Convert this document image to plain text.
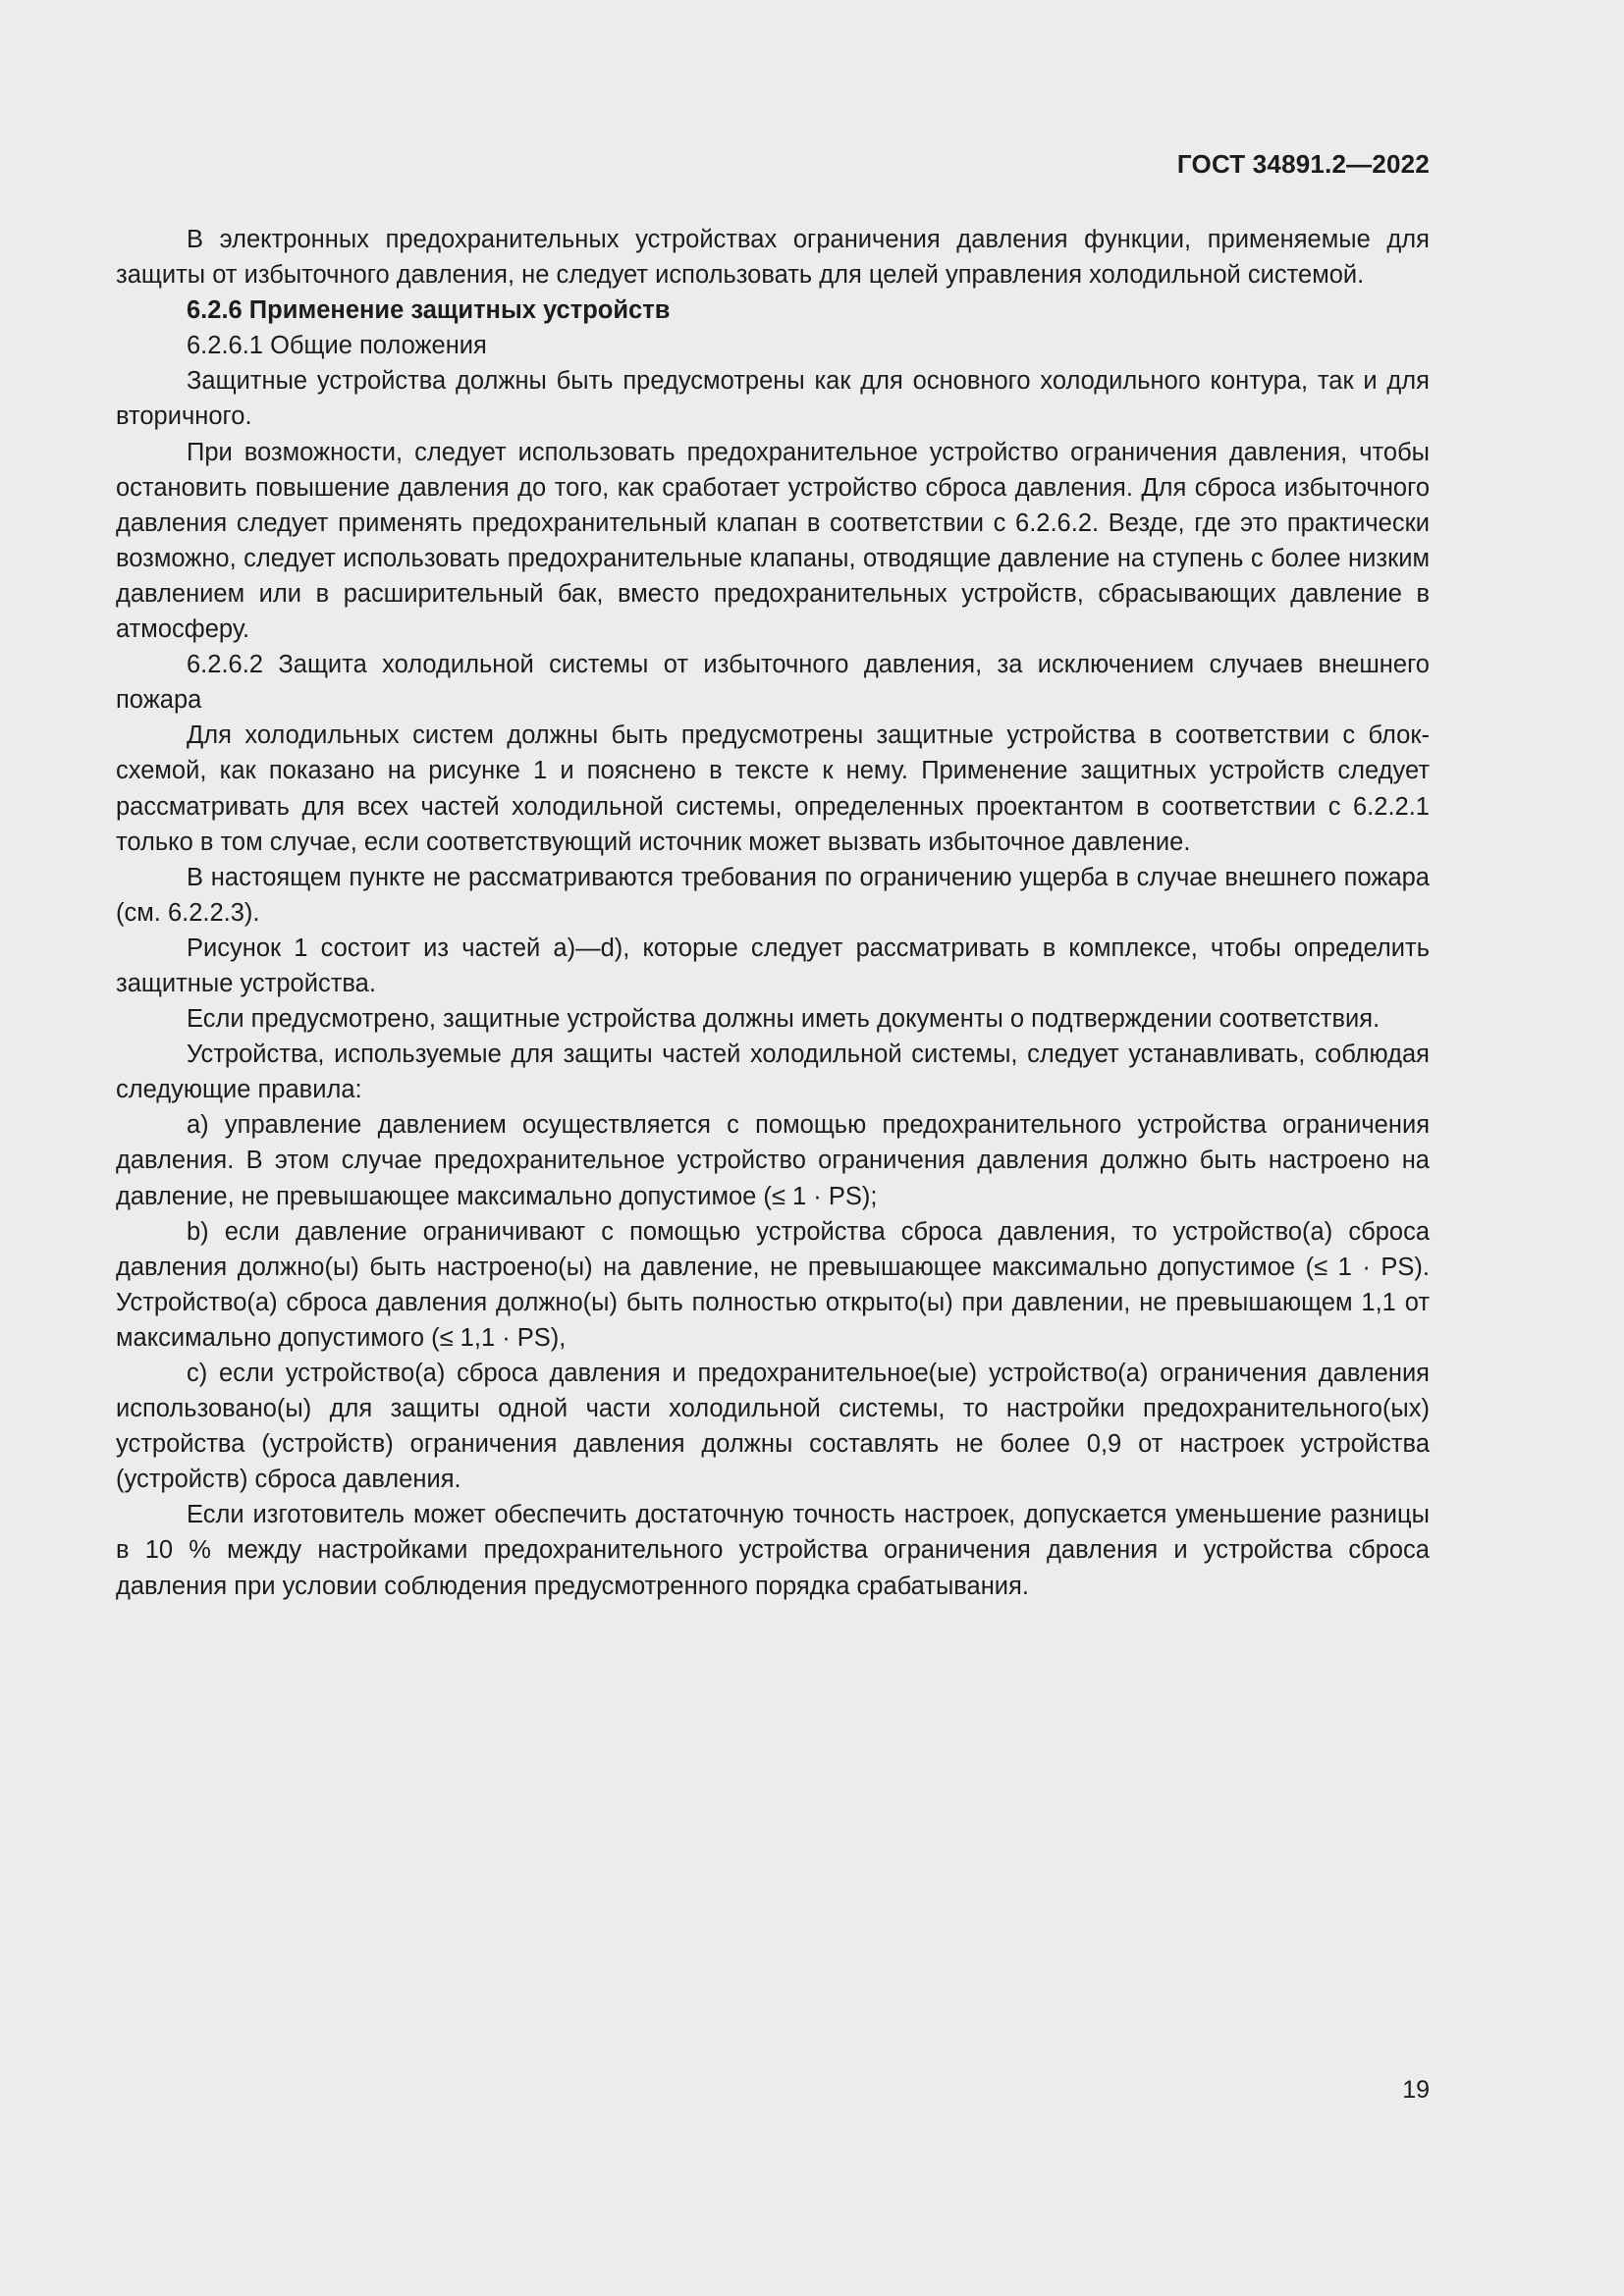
ГОСТ 34891.2—2022

В электронных предохранительных устройствах ограничения давления функции, применяемые для защиты от избыточного давления, не следует использовать для целей управления холодильной системой.

6.2.6 Применение защитных устройств

6.2.6.1 Общие положения

Защитные устройства должны быть предусмотрены как для основного холодильного контура, так и для вторичного.

При возможности, следует использовать предохранительное устройство ограничения давления, чтобы остановить повышение давления до того, как сработает устройство сброса давления. Для сброса избыточного давления следует применять предохранительный клапан в соответствии с 6.2.6.2. Везде, где это практически возможно, следует использовать предохранительные клапаны, отводящие давление на ступень с более низким давлением или в расширительный бак, вместо предохранительных устройств, сбрасывающих давление в атмосферу.

6.2.6.2 Защита холодильной системы от избыточного давления, за исключением случаев внешнего пожара

Для холодильных систем должны быть предусмотрены защитные устройства в соответствии с блок-схемой, как показано на рисунке 1 и пояснено в тексте к нему. Применение защитных устройств следует рассматривать для всех частей холодильной системы, определенных проектантом в соответствии с 6.2.2.1 только в том случае, если соответствующий источник может вызвать избыточное давление.

В настоящем пункте не рассматриваются требования по ограничению ущерба в случае внешнего пожара (см. 6.2.2.3).

Рисунок 1 состоит из частей a)—d), которые следует рассматривать в комплексе, чтобы определить защитные устройства.

Если предусмотрено, защитные устройства должны иметь документы о подтверждении соответствия.

Устройства, используемые для защиты частей холодильной системы, следует устанавливать, соблюдая следующие правила:

a) управление давлением осуществляется с помощью предохранительного устройства ограничения давления. В этом случае предохранительное устройство ограничения давления должно быть настроено на давление, не превышающее максимально допустимое (≤ 1 · PS);

b) если давление ограничивают с помощью устройства сброса давления, то устройство(а) сброса давления должно(ы) быть настроено(ы) на давление, не превышающее максимально допустимое (≤ 1 · PS). Устройство(а) сброса давления должно(ы) быть полностью открыто(ы) при давлении, не превышающем 1,1 от максимально допустимого (≤ 1,1 · PS),

c) если устройство(а) сброса давления и предохранительное(ые) устройство(а) ограничения давления использовано(ы) для защиты одной части холодильной системы, то настройки предохранительного(ых) устройства (устройств) ограничения давления должны составлять не более 0,9 от настроек устройства (устройств) сброса давления.

Если изготовитель может обеспечить достаточную точность настроек, допускается уменьшение разницы в 10 % между настройками предохранительного устройства ограничения давления и устройства сброса давления при условии соблюдения предусмотренного порядка срабатывания.

19
